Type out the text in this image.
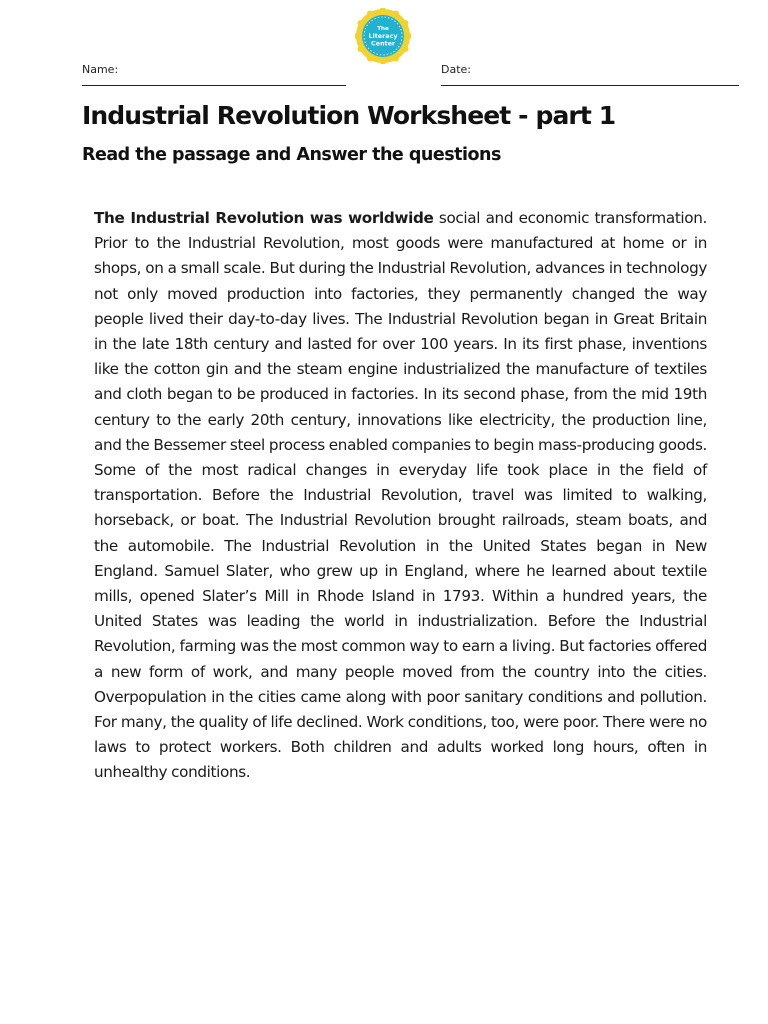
The
Literacy
Center
Name:	Date:
Industrial Revolution Worksheet - part 1
Read the passage and Answer the questions

The Industrial Revolution was worldwide social and economic transformation. Prior to the Industrial Revolution, most goods were manufactured at home or in shops, on a small scale. But during the Industrial Revolution, advances in technology not only moved production into factories, they permanently changed the way people lived their day-to-day lives. The Industrial Revolution began in Great Britain in the late 18th century and lasted for over 100 years. In its first phase, inventions like the cotton gin and the steam engine industrialized the manufacture of textiles and cloth began to be produced in factories. In its second phase, from the mid 19th century to the early 20th century, innovations like electricity, the production line, and the Bessemer steel process enabled companies to begin mass-producing goods. Some of the most radical changes in everyday life took place in the field of transportation. Before the Industrial Revolution, travel was limited to walking, horseback, or boat. The Industrial Revolution brought railroads, steam boats, and the automobile. The Industrial Revolution in the United States began in New England. Samuel Slater, who grew up in England, where he learned about textile mills, opened Slater’s Mill in Rhode Island in 1793. Within a hundred years, the United States was leading the world in industrialization. Before the Industrial Revolution, farming was the most common way to earn a living. But factories offered a new form of work, and many people moved from the country into the cities. Overpopulation in the cities came along with poor sanitary conditions and pollution. For many, the quality of life declined. Work conditions, too, were poor. There were no laws to protect workers. Both children and adults worked long hours, often in unhealthy conditions.
